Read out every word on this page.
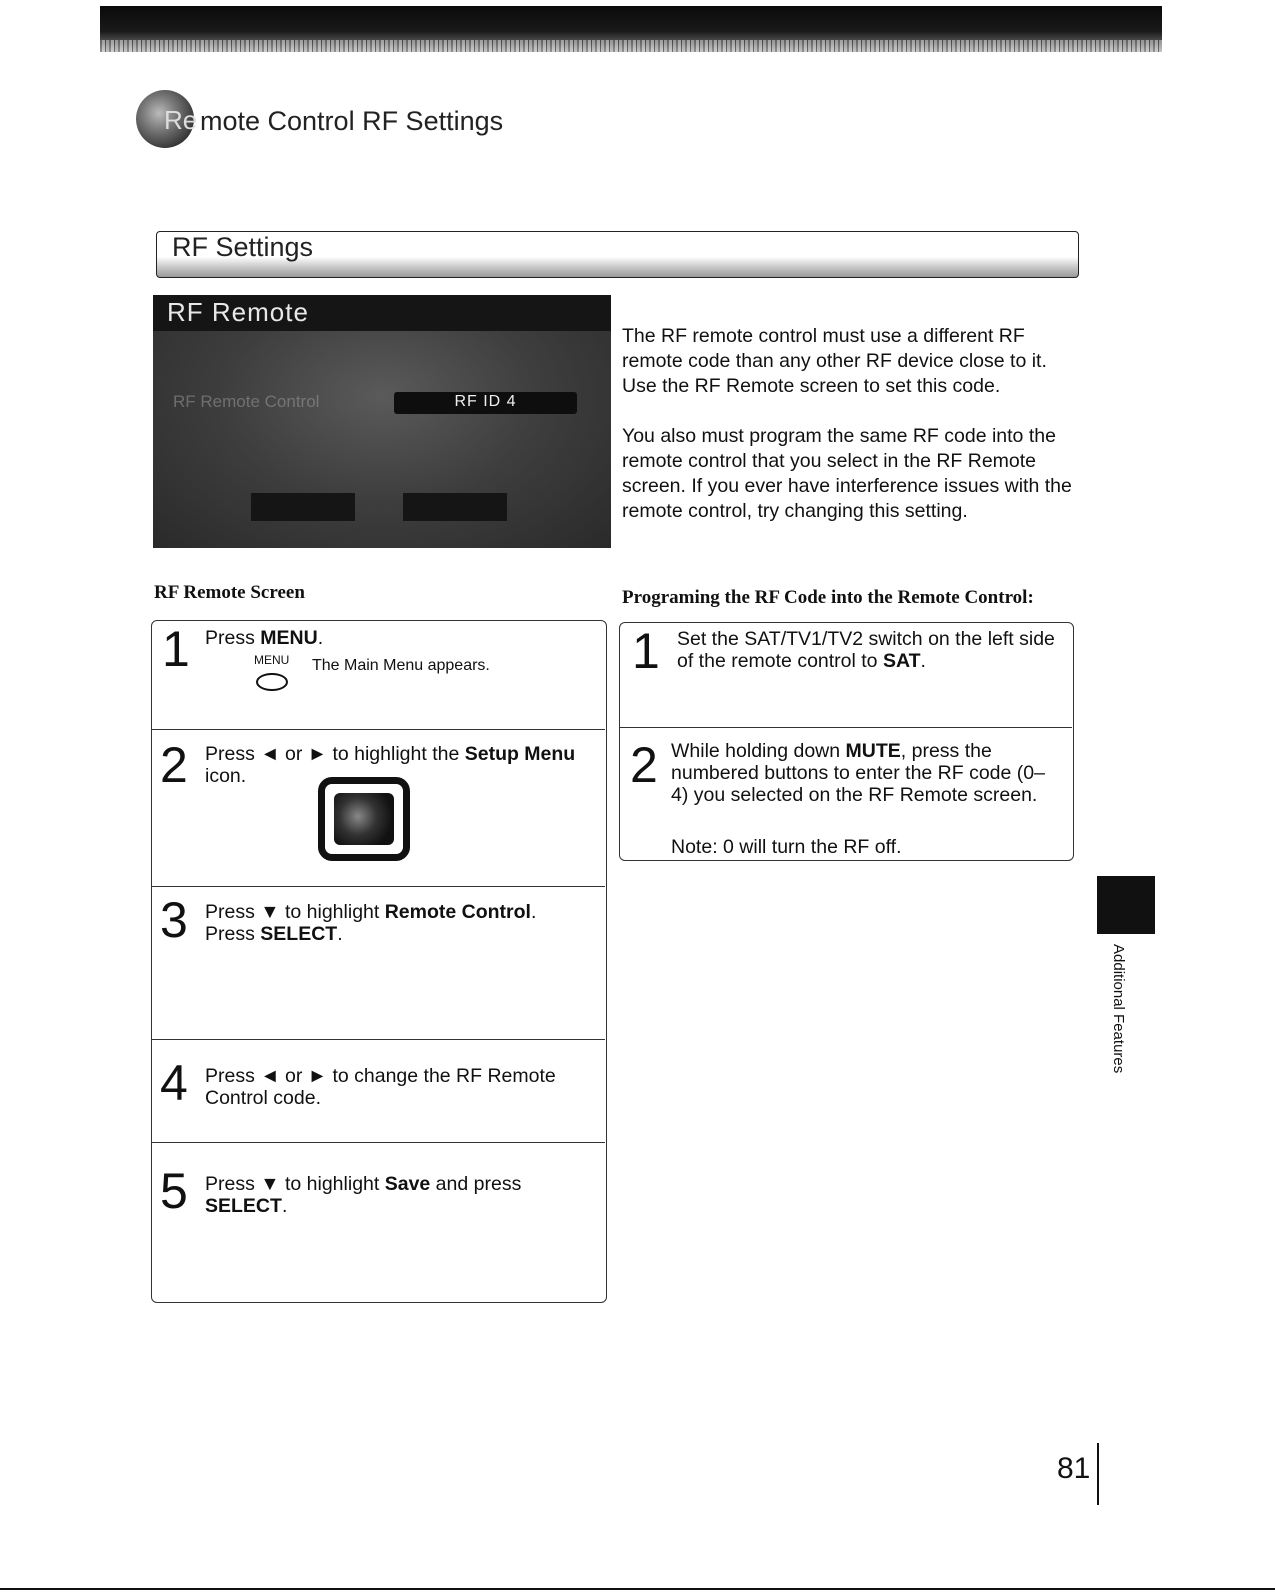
Re mote Control RF Settings
RF Settings
RF Remote
RF Remote Control	RF ID 4
RF Remote Screen
The RF remote control must use a different RF remote code than any other RF device close to it. Use the RF Remote screen to set this code.
You also must program the same RF code into the remote control that you select in the RF Remote screen. If you ever have interference issues with the remote control, try changing this setting.
Programing the RF Code into the Remote Control:
1 Press MENU.
MENU The Main Menu appears.
2 Press ◄ or ► to highlight the Setup Menu icon.
3 Press ▼ to highlight Remote Control.
Press SELECT.
4 Press ◄ or ► to change the RF Remote Control code.
5 Press ▼ to highlight Save and press SELECT.
1 Set the SAT/TV1/TV2 switch on the left side of the remote control to SAT.
2 While holding down MUTE, press the numbered buttons to enter the RF code (0–4) you selected on the RF Remote screen.
Note: 0 will turn the RF off.
Additional Features
81
